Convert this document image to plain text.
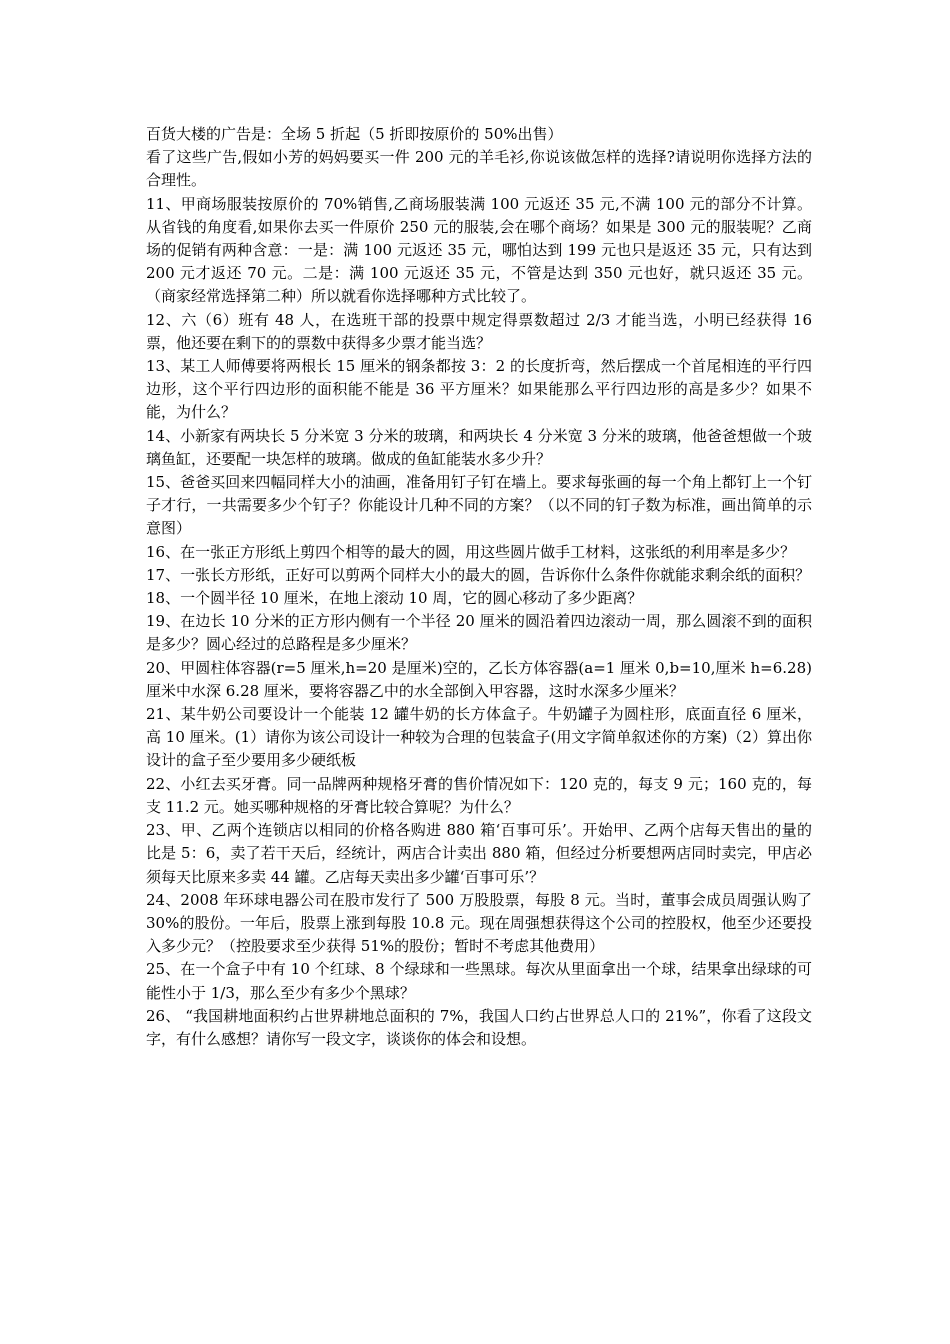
百货大楼的广告是：全场 5 折起（5 折即按原价的 50%出售）

看了这些广告,假如小芳的妈妈要买一件 200 元的羊毛衫,你说该做怎样的选择?请说明你选择方法的合理性。

11、甲商场服装按原价的 70%销售,乙商场服装满 100 元返还 35 元,不满 100 元的部分不计算。从省钱的角度看,如果你去买一件原价 250 元的服装,会在哪个商场？如果是 300 元的服装呢？乙商场的促销有两种含意：一是：满 100 元返还 35 元，哪怕达到 199 元也只是返还 35 元，只有达到 200 元才返还 70 元。二是：满 100 元返还 35 元，不管是达到 350 元也好，就只返还 35 元。（商家经常选择第二种）所以就看你选择哪种方式比较了。

12、六（6）班有 48 人，在选班干部的投票中规定得票数超过 2/3 才能当选，小明已经获得 16 票，他还要在剩下的的票数中获得多少票才能当选？

13、某工人师傅要将两根长 15 厘米的钢条都按 3：2 的长度折弯，然后摆成一个首尾相连的平行四边形，这个平行四边形的面积能不能是 36 平方厘米？如果能那么平行四边形的高是多少？如果不能，为什么？

14、小新家有两块长 5 分米宽 3 分米的玻璃，和两块长 4 分米宽 3 分米的玻璃，他爸爸想做一个玻璃鱼缸，还要配一块怎样的玻璃。做成的鱼缸能装水多少升？

15、爸爸买回来四幅同样大小的油画，准备用钉子钉在墙上。要求每张画的每一个角上都钉上一个钉子才行，一共需要多少个钉子？你能设计几种不同的方案？（以不同的钉子数为标准，画出简单的示意图）

16、在一张正方形纸上剪四个相等的最大的圆，用这些圆片做手工材料，这张纸的利用率是多少？

17、一张长方形纸，正好可以剪两个同样大小的最大的圆，告诉你什么条件你就能求剩余纸的面积？

18、一个圆半径 10 厘米，在地上滚动 10 周，它的圆心移动了多少距离？

19、在边长 10 分米的正方形内侧有一个半径 20 厘米的圆沿着四边滚动一周，那么圆滚不到的面积是多少？圆心经过的总路程是多少厘米？

20、甲圆柱体容器(r=5 厘米,h=20 是厘米)空的，乙长方体容器(a=1 厘米 0,b=10,厘米 h=6.28)厘米中水深 6.28 厘米，要将容器乙中的水全部倒入甲容器，这时水深多少厘米？

21、某牛奶公司要设计一个能装 12 罐牛奶的长方体盒子。牛奶罐子为圆柱形，底面直径 6 厘米，高 10 厘米。(1）请你为该公司设计一种较为合理的包装盒子(用文字简单叙述你的方案)（2）算出你设计的盒子至少要用多少硬纸板

22、小红去买牙膏。同一品牌两种规格牙膏的售价情况如下：120 克的，每支 9 元；160 克的，每支 11.2 元。她买哪种规格的牙膏比较合算呢？为什么？

23、甲、乙两个连锁店以相同的价格各购进 880 箱‘百事可乐’。开始甲、乙两个店每天售出的量的比是 5：6，卖了若干天后，经统计，两店合计卖出 880 箱，但经过分析要想两店同时卖完，甲店必须每天比原来多卖 44 罐。乙店每天卖出多少罐‘百事可乐’？

24、2008 年环球电器公司在股市发行了 500 万股股票，每股 8 元。当时，董事会成员周强认购了 30%的股份。一年后，股票上涨到每股 10.8 元。现在周强想获得这个公司的控股权，他至少还要投入多少元？（控股要求至少获得 51%的股份；暂时不考虑其他费用）

25、在一个盒子中有 10 个红球、8 个绿球和一些黑球。每次从里面拿出一个球，结果拿出绿球的可能性小于 1/3，那么至少有多少个黑球？

26、 “我国耕地面积约占世界耕地总面积的 7%，我国人口约占世界总人口的 21%”，你看了这段文字，有什么感想？请你写一段文字，谈谈你的体会和设想。
